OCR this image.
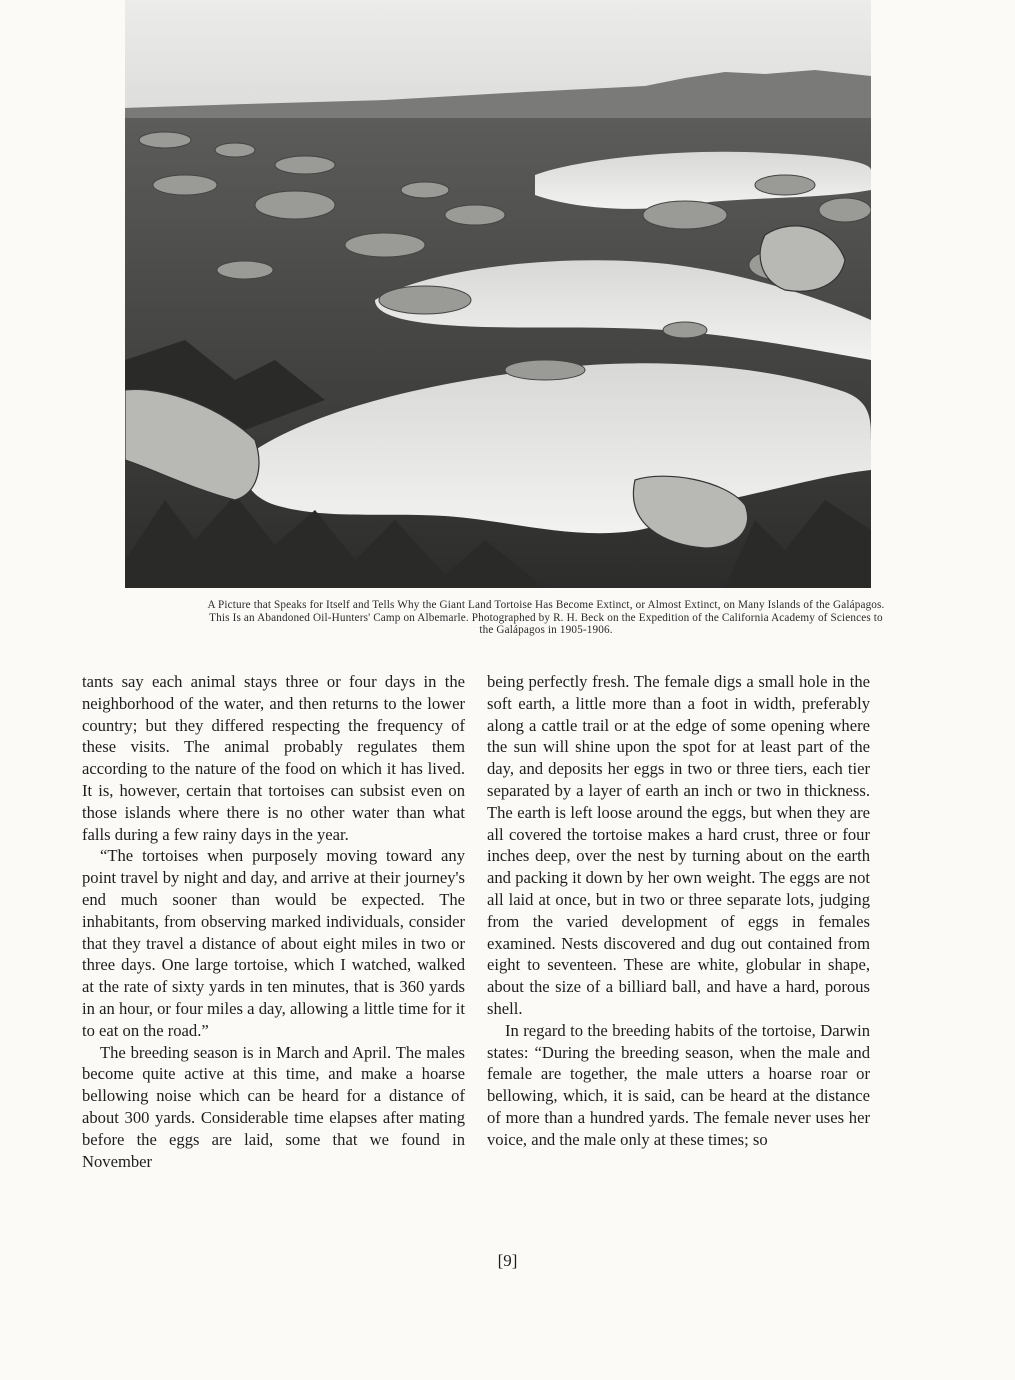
A Picture that Speaks for Itself and Tells Why the Giant Land Tortoise Has Become Extinct, or Almost Extinct, on Many Islands of the Galápagos. This Is an Abandoned Oil-Hunters' Camp on Albemarle. Photographed by R. H. Beck on the Expedition of the California Academy of Sciences to the Galápagos in 1905-1906.

tants say each animal stays three or four days in the neighborhood of the water, and then returns to the lower country; but they differed respecting the frequency of these visits. The animal probably regulates them according to the nature of the food on which it has lived. It is, however, certain that tortoises can subsist even on those islands where there is no other water than what falls during a few rainy days in the year.

“The tortoises when purposely moving toward any point travel by night and day, and arrive at their journey's end much sooner than would be expected. The inhabitants, from observing marked individuals, consider that they travel a distance of about eight miles in two or three days. One large tortoise, which I watched, walked at the rate of sixty yards in ten minutes, that is 360 yards in an hour, or four miles a day, allowing a little time for it to eat on the road.”

The breeding season is in March and April. The males become quite active at this time, and make a hoarse bellowing noise which can be heard for a distance of about 300 yards. Considerable time elapses after mating before the eggs are laid, some that we found in November

being perfectly fresh. The female digs a small hole in the soft earth, a little more than a foot in width, preferably along a cattle trail or at the edge of some opening where the sun will shine upon the spot for at least part of the day, and deposits her eggs in two or three tiers, each tier separated by a layer of earth an inch or two in thickness. The earth is left loose around the eggs, but when they are all covered the tortoise makes a hard crust, three or four inches deep, over the nest by turning about on the earth and packing it down by her own weight. The eggs are not all laid at once, but in two or three separate lots, judging from the varied development of eggs in females examined. Nests discovered and dug out contained from eight to seventeen. These are white, globular in shape, about the size of a billiard ball, and have a hard, porous shell.

In regard to the breeding habits of the tortoise, Darwin states: “During the breeding season, when the male and female are together, the male utters a hoarse roar or bellowing, which, it is said, can be heard at the distance of more than a hundred yards. The female never uses her voice, and the male only at these times; so

[9]
